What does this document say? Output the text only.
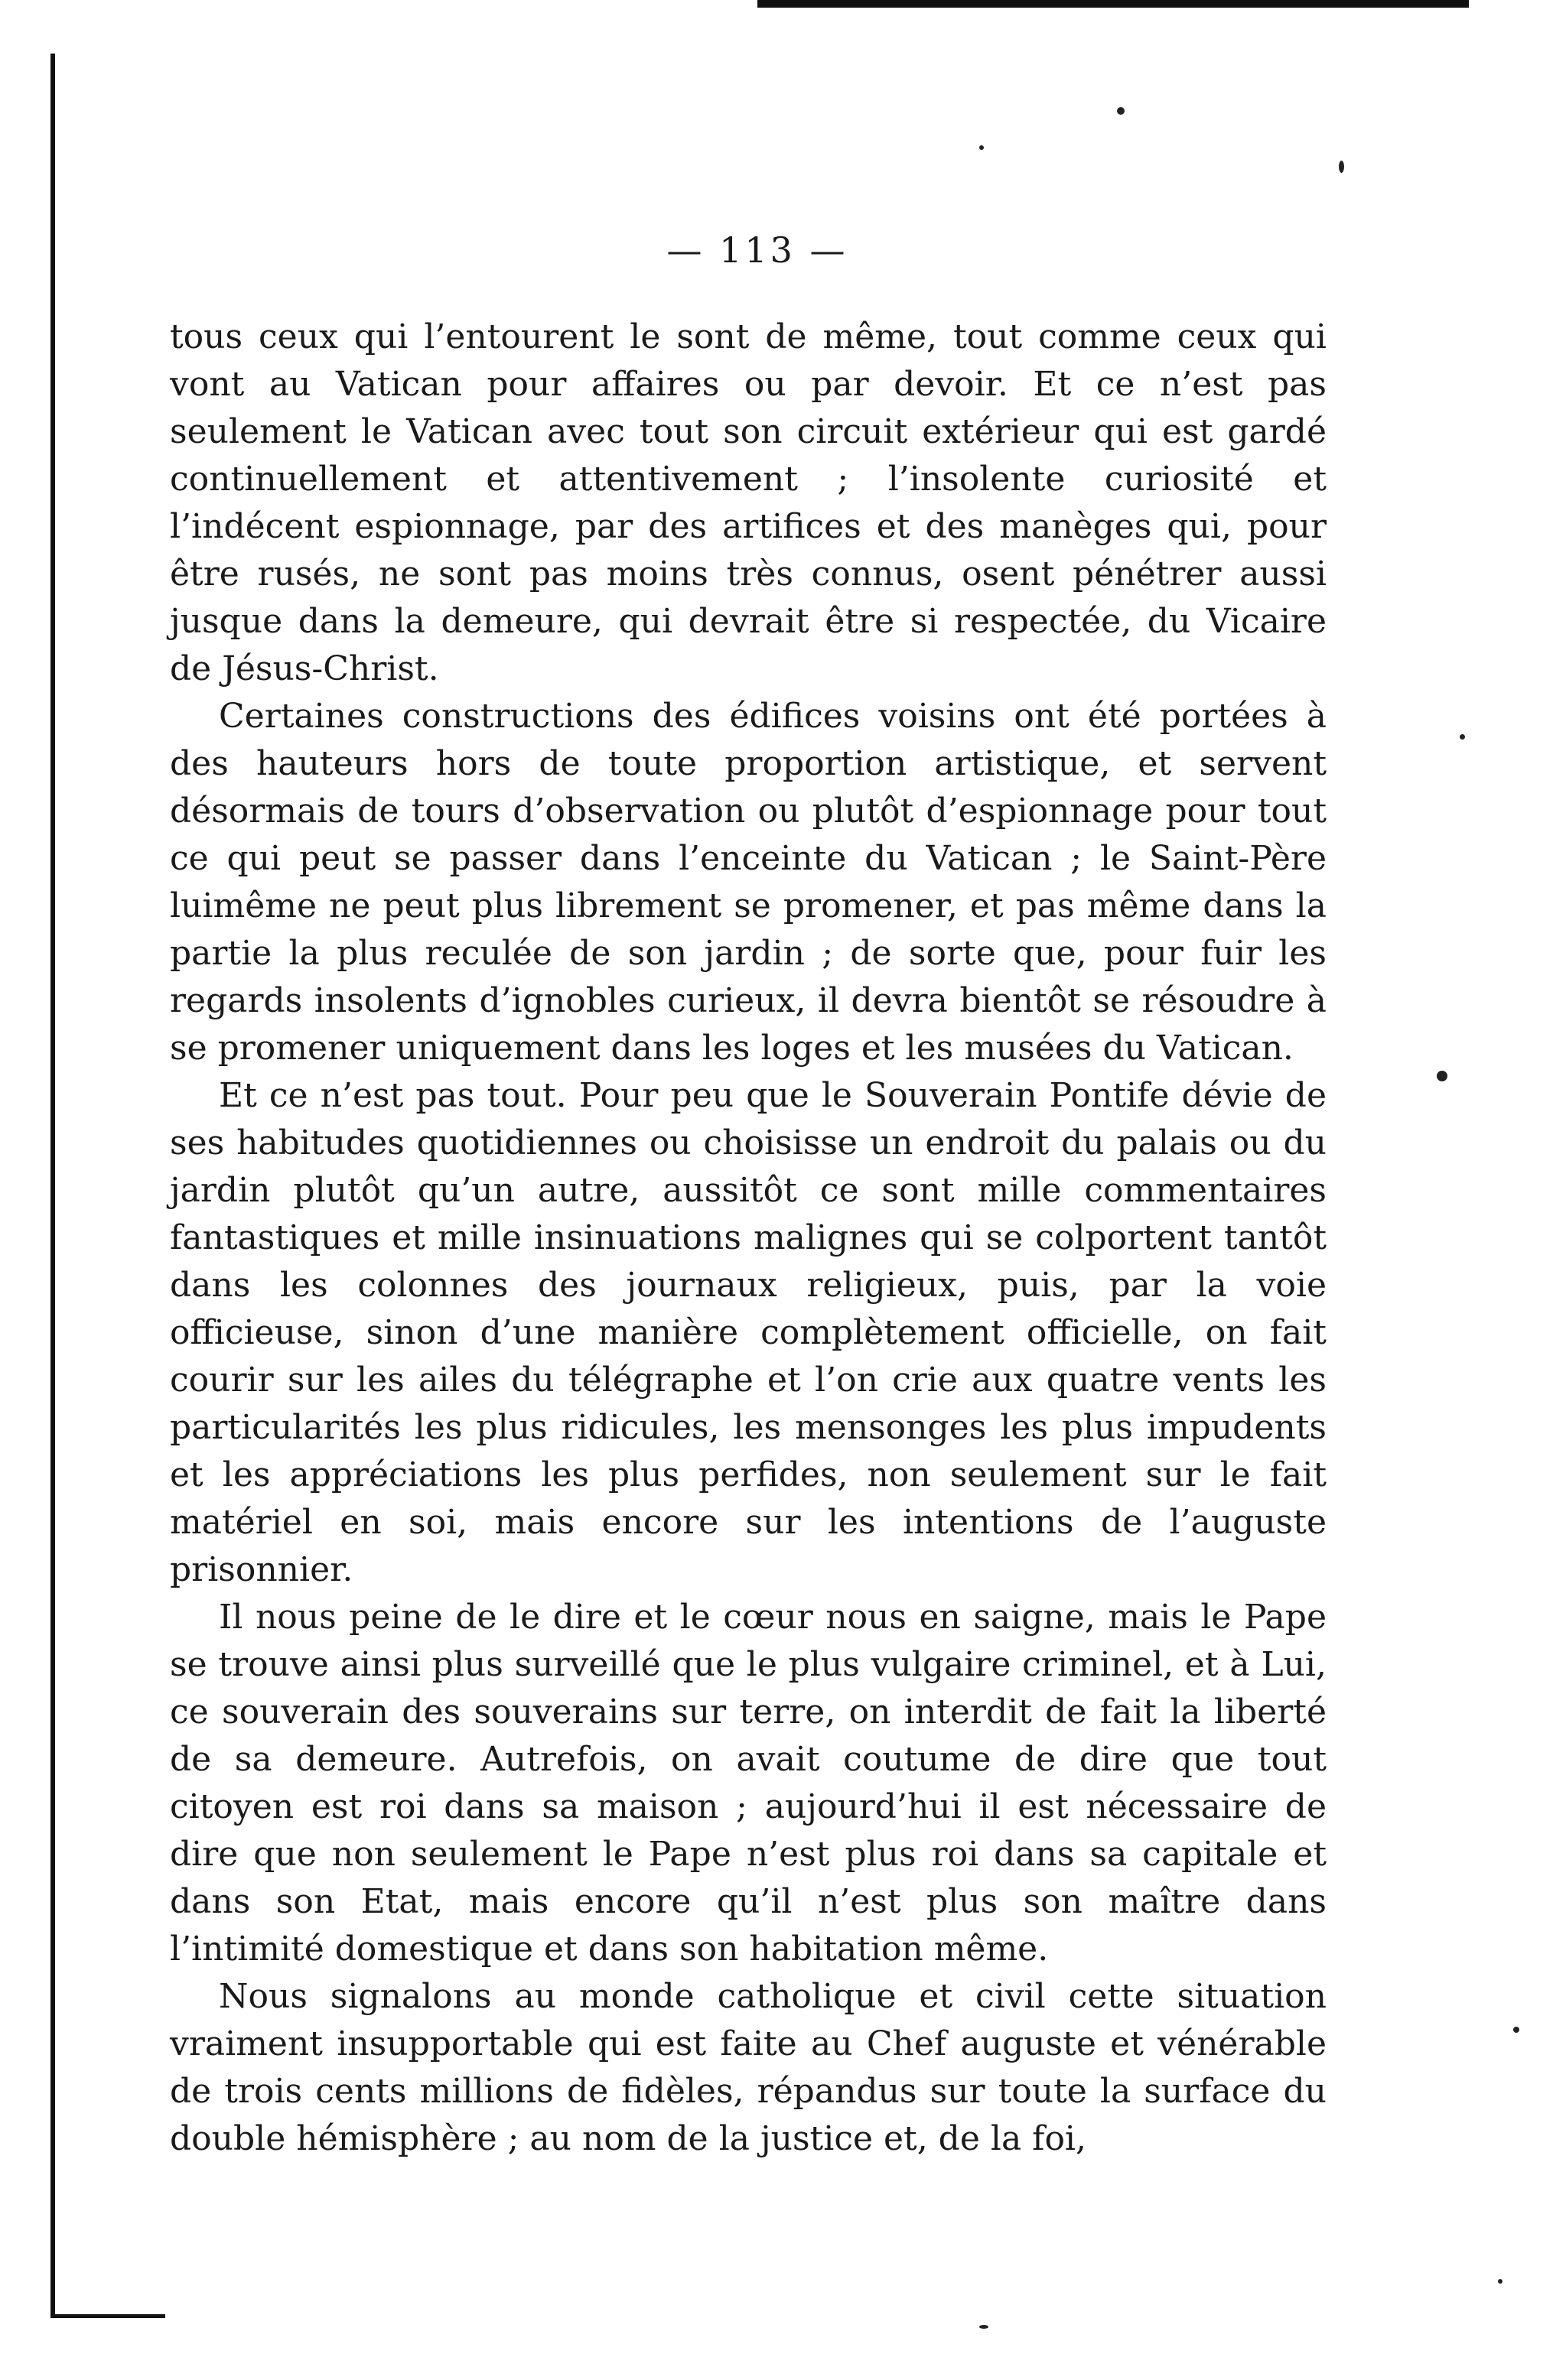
— 113 —

tous ceux qui l’entourent le sont de même, tout comme ceux qui vont au Vatican pour affaires ou par devoir. Et ce n’est pas seulement le Vatican avec tout son circuit extérieur qui est gardé continuellement et attentivement ; l’insolente curiosité et l’indécent espionnage, par des artifices et des manèges qui, pour être rusés, ne sont pas moins très connus, osent pénétrer aussi jusque dans la demeure, qui devrait être si respectée, du Vicaire de Jésus-Christ.

Certaines constructions des édifices voisins ont été portées à des hauteurs hors de toute proportion artistique, et servent désormais de tours d’observation ou plutôt d’espionnage pour tout ce qui peut se passer dans l’enceinte du Vatican ; le Saint-Père luimême ne peut plus librement se promener, et pas même dans la partie la plus reculée de son jardin ; de sorte que, pour fuir les regards insolents d’ignobles curieux, il devra bientôt se résoudre à se promener uniquement dans les loges et les musées du Vatican.

Et ce n’est pas tout. Pour peu que le Souverain Pontife dévie de ses habitudes quotidiennes ou choisisse un endroit du palais ou du jardin plutôt qu’un autre, aussitôt ce sont mille commentaires fantastiques et mille insinuations malignes qui se colportent tantôt dans les colonnes des journaux religieux, puis, par la voie officieuse, sinon d’une manière complètement officielle, on fait courir sur les ailes du télégraphe et l’on crie aux quatre vents les particularités les plus ridicules, les mensonges les plus impudents et les appréciations les plus perfides, non seulement sur le fait matériel en soi, mais encore sur les intentions de l’auguste prisonnier.

Il nous peine de le dire et le cœur nous en saigne, mais le Pape se trouve ainsi plus surveillé que le plus vulgaire criminel, et à Lui, ce souverain des souverains sur terre, on interdit de fait la liberté de sa demeure. Autrefois, on avait coutume de dire que tout citoyen est roi dans sa maison ; aujourd’hui il est nécessaire de dire que non seulement le Pape n’est plus roi dans sa capitale et dans son Etat, mais encore qu’il n’est plus son maître dans l’intimité domestique et dans son habitation même.

Nous signalons au monde catholique et civil cette situation vraiment insupportable qui est faite au Chef auguste et vénérable de trois cents millions de fidèles, répandus sur toute la surface du double hémisphère ; au nom de la justice et, de la foi,
